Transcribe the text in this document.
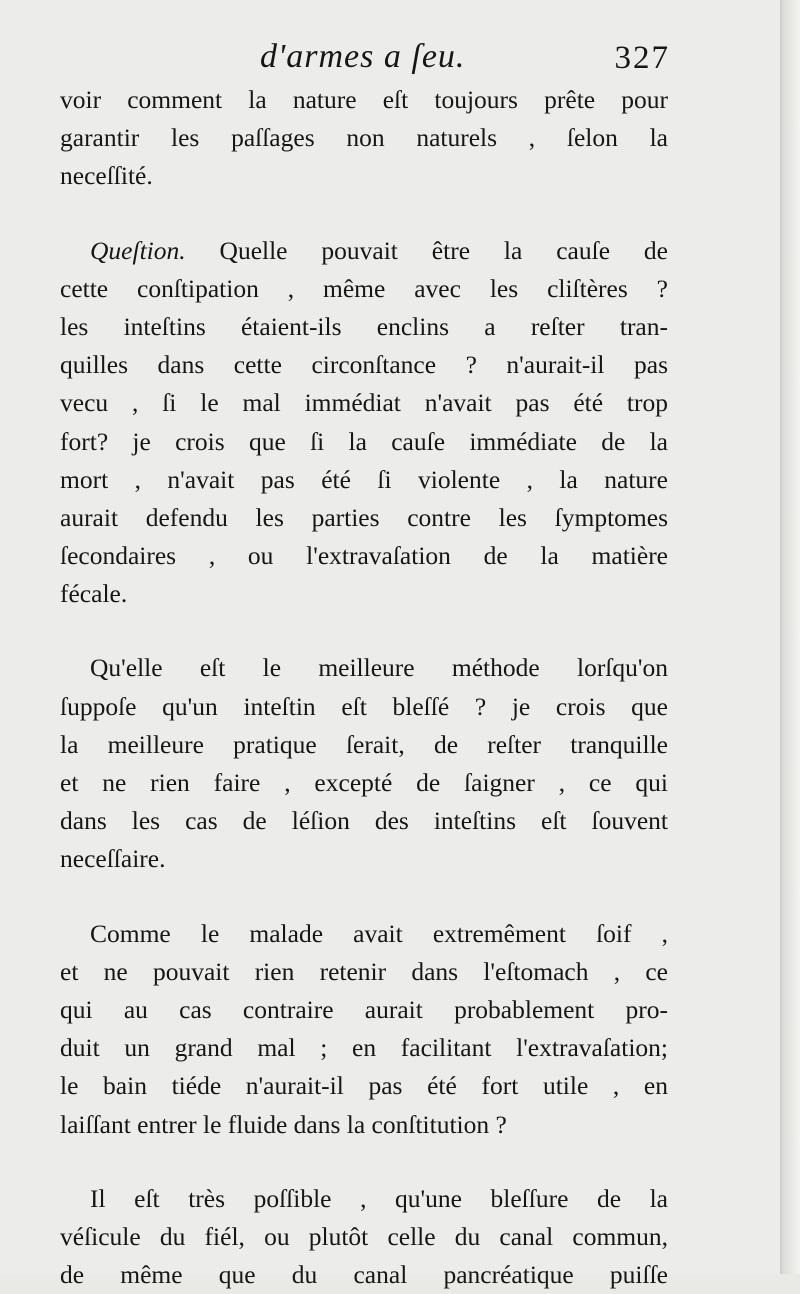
d'armes a ſeu.	327

voir comment la nature eſt toujours prête pour
garantir les paſſages non naturels , ſelon la
neceſſité.

Queſtion. Quelle pouvait être la cauſe de
cette conſtipation , même avec les cliſtères ?
les inteſtins étaient-ils enclins a reſter tran-
quilles dans cette circonſtance ? n'aurait-il pas
vecu , ſi le mal immédiat n'avait pas été trop
fort? je crois que ſi la cauſe immédiate de la
mort , n'avait pas été ſi violente , la nature
aurait defendu les parties contre les ſymptomes
ſecondaires , ou l'extravaſation de la matière
fécale.

Qu'elle eſt le meilleure méthode lorſqu'on
ſuppoſe qu'un inteſtin eſt bleſſé ? je crois que
la meilleure pratique ſerait, de reſter tranquille
et ne rien faire , excepté de ſaigner , ce qui
dans les cas de léſion des inteſtins eſt ſouvent
neceſſaire.

Comme le malade avait extremêment ſoif ,
et ne pouvait rien retenir dans l'eſtomach , ce
qui au cas contraire aurait probablement pro-
duit un grand mal ; en facilitant l'extravaſation;
le bain tiéde n'aurait-il pas été fort utile , en
laiſſant entrer le fluide dans la conſtitution ?

Il eſt très poſſible , qu'une bleſſure de la
véſicule du fiél, ou plutôt celle du canal commun,
de même que du canal pancréatique puiſſe
